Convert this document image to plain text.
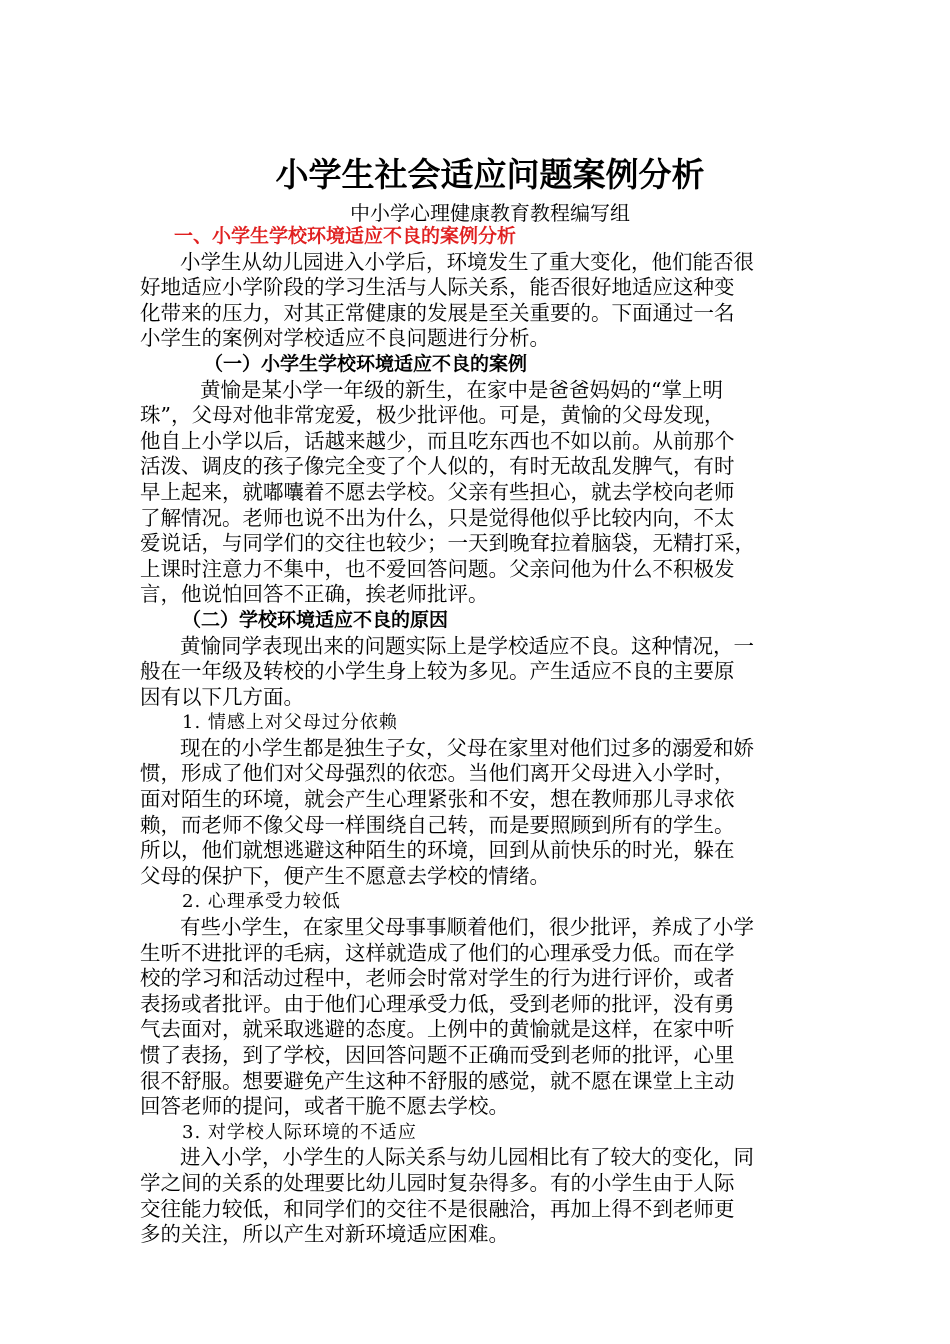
小学生社会适应问题案例分析
中小学心理健康教育教程编写组
一、小学生学校环境适应不良的案例分析
小学生从幼儿园进入小学后，环境发生了重大变化，他们能否很
好地适应小学阶段的学习生活与人际关系，能否很好地适应这种变
化带来的压力，对其正常健康的发展是至关重要的。下面通过一名
小学生的案例对学校适应不良问题进行分析。
（一）小学生学校环境适应不良的案例
黄愉是某小学一年级的新生，在家中是爸爸妈妈的“掌上明
珠”，父母对他非常宠爱，极少批评他。可是，黄愉的父母发现，
他自上小学以后，话越来越少，而且吃东西也不如以前。从前那个
活泼、调皮的孩子像完全变了个人似的，有时无故乱发脾气，有时
早上起来，就嘟囔着不愿去学校。父亲有些担心，就去学校向老师
了解情况。老师也说不出为什么，只是觉得他似乎比较内向，不太
爱说话，与同学们的交往也较少；一天到晚耷拉着脑袋，无精打采，
上课时注意力不集中，也不爱回答问题。父亲问他为什么不积极发
言，他说怕回答不正确，挨老师批评。
（二）学校环境适应不良的原因
黄愉同学表现出来的问题实际上是学校适应不良。这种情况，一
般在一年级及转校的小学生身上较为多见。产生适应不良的主要原
因有以下几方面。
1. 情感上对父母过分依赖
现在的小学生都是独生子女，父母在家里对他们过多的溺爱和娇
惯，形成了他们对父母强烈的依恋。当他们离开父母进入小学时，
面对陌生的环境，就会产生心理紧张和不安，想在教师那儿寻求依
赖，而老师不像父母一样围绕自己转，而是要照顾到所有的学生。
所以，他们就想逃避这种陌生的环境，回到从前快乐的时光，躲在
父母的保护下，便产生不愿意去学校的情绪。
2. 心理承受力较低
有些小学生，在家里父母事事顺着他们，很少批评，养成了小学
生听不进批评的毛病，这样就造成了他们的心理承受力低。而在学
校的学习和活动过程中，老师会时常对学生的行为进行评价，或者
表扬或者批评。由于他们心理承受力低，受到老师的批评，没有勇
气去面对，就采取逃避的态度。上例中的黄愉就是这样，在家中听
惯了表扬，到了学校，因回答问题不正确而受到老师的批评，心里
很不舒服。想要避免产生这种不舒服的感觉，就不愿在课堂上主动
回答老师的提问，或者干脆不愿去学校。
3. 对学校人际环境的不适应
进入小学，小学生的人际关系与幼儿园相比有了较大的变化，同
学之间的关系的处理要比幼儿园时复杂得多。有的小学生由于人际
交往能力较低，和同学们的交往不是很融洽，再加上得不到老师更
多的关注，所以产生对新环境适应困难。
